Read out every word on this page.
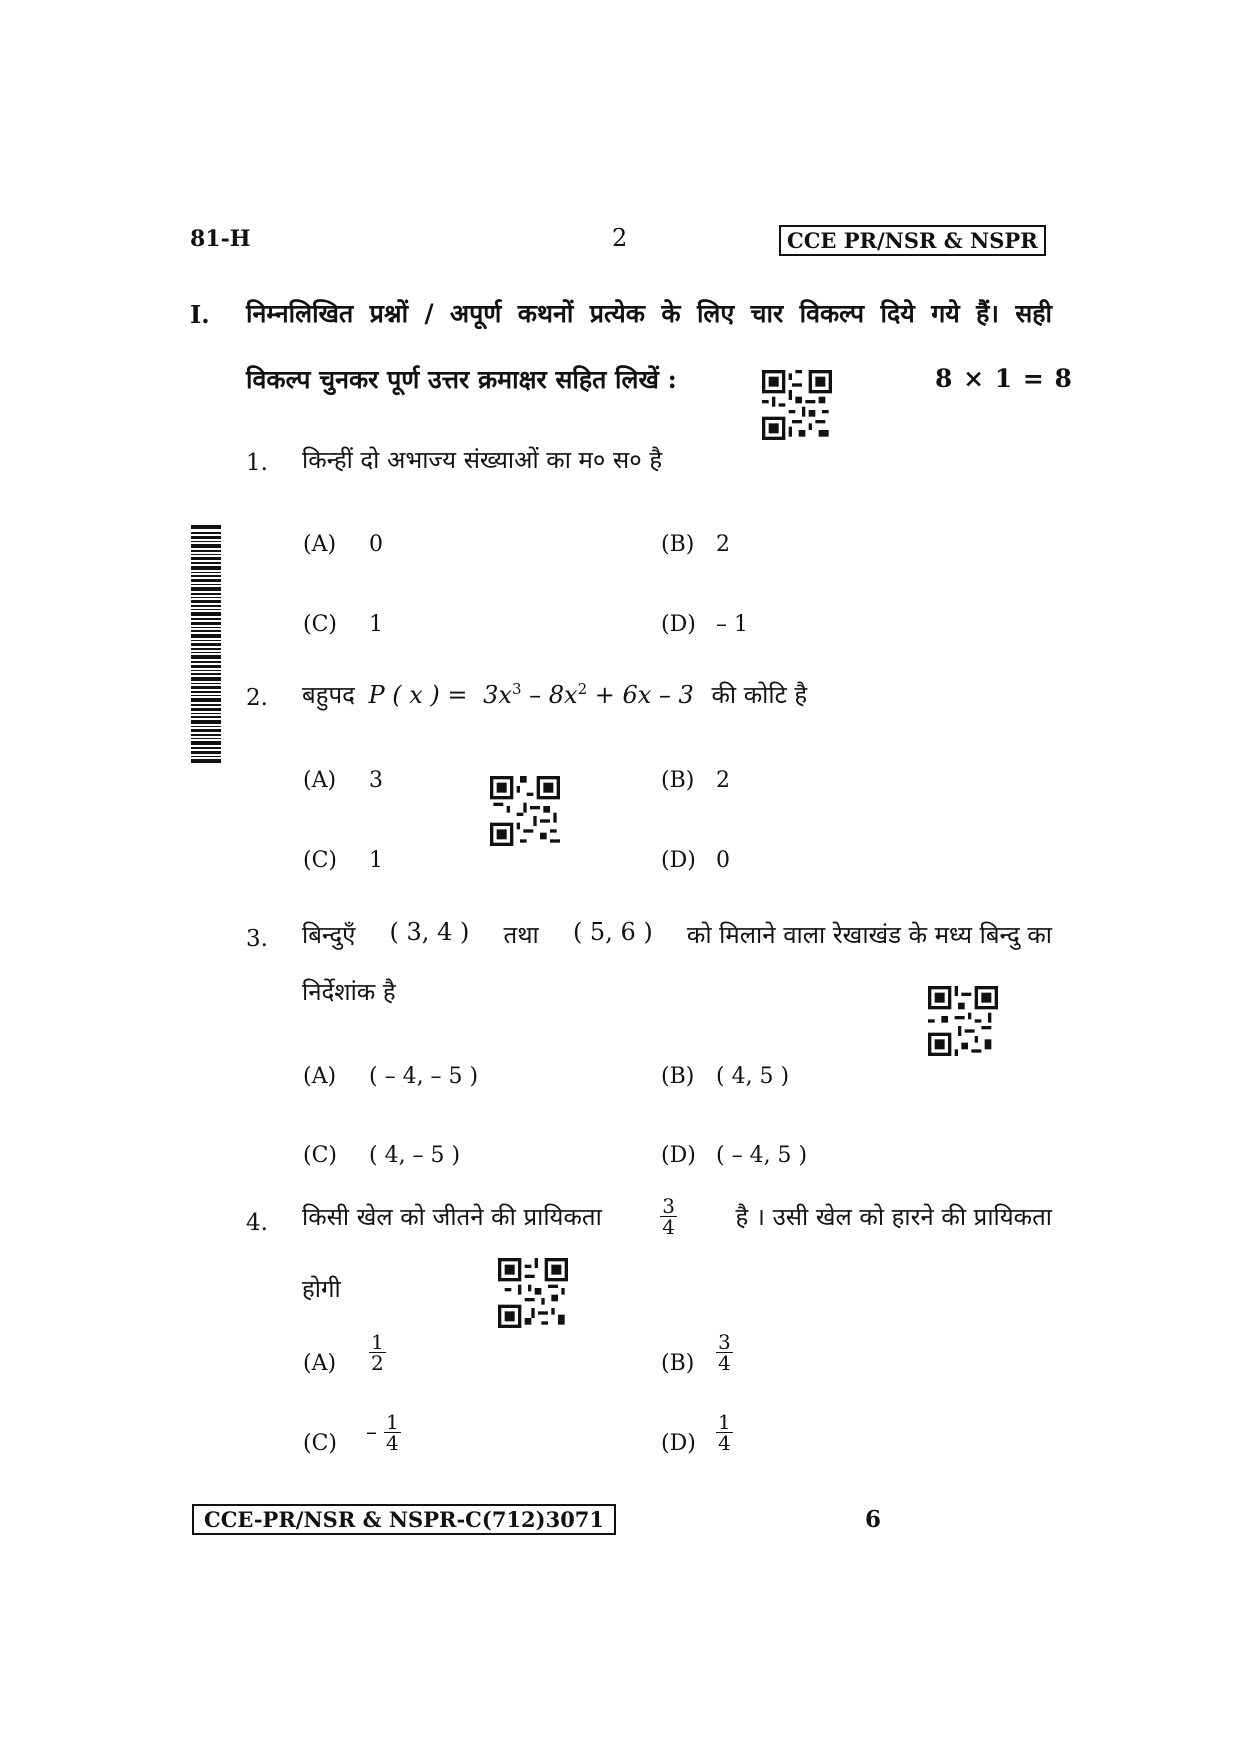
81-H	2	CCE PR/NSR & NSPR
I. निम्नलिखित प्रश्नों / अपूर्ण कथनों प्रत्येक के लिए चार विकल्प दिये गये हैं। सही
विकल्प चुनकर पूर्ण उत्तर क्रमाक्षर सहित लिखें :	8 × 1 = 8
1. किन्हीं दो अभाज्य संख्याओं का म० स० है
(A) 0	(B) 2
(C) 1	(D) – 1
2. बहुपद P ( x ) = $3x^3 - 8x^2 + 6x - 3$ की कोटि है
(A) 3	(B) 2
(C) 1	(D) 0
3. बिन्दुएँ ( 3, 4 ) तथा ( 5, 6 ) को मिलाने वाला रेखाखंड के मध्य बिन्दु का
निर्देशांक है
(A) ( – 4, – 5 )	(B) ( 4, 5 )
(C) ( 4, – 5 )	(D) ( – 4, 5 )
4. किसी खेल को जीतने की प्रायिकता	$\frac{3}{4}$ है । उसी खेल को हारने की प्रायिकता
होगी
$(A) \frac{1}{2}$	$(B) \frac{3}{4}$
$(C) - \frac{1}{4}$	$(D) \frac{1}{4}$
CCE-PR/NSR & NSPR-C(712)3071	6
